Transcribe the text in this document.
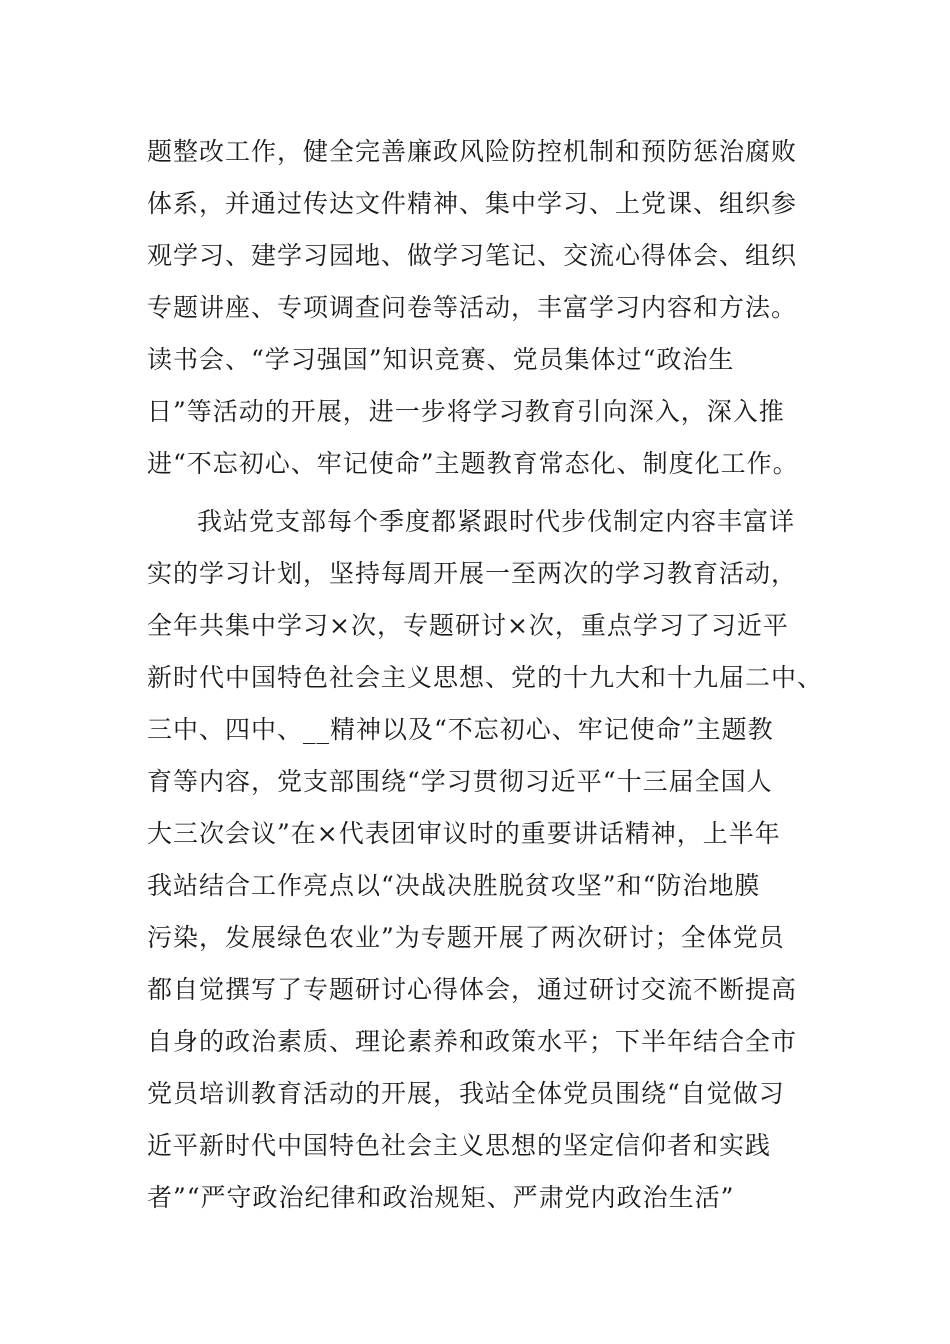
题整改工作，健全完善廉政风险防控机制和预防惩治腐败
体系，并通过传达文件精神、集中学习、上党课、组织参
观学习、建学习园地、做学习笔记、交流心得体会、组织
专题讲座、专项调查问卷等活动，丰富学习内容和方法。
读书会、“学习强国”知识竞赛、党员集体过“政治生
日”等活动的开展，进一步将学习教育引向深入，深入推
进“不忘初心、牢记使命”主题教育常态化、制度化工作。
我站党支部每个季度都紧跟时代步伐制定内容丰富详
实的学习计划，坚持每周开展一至两次的学习教育活动，
全年共集中学习×次，专题研讨×次，重点学习了习近平
新时代中国特色社会主义思想、党的十九大和十九届二中、
三中、四中、__精神以及“不忘初心、牢记使命”主题教
育等内容，党支部围绕“学习贯彻习近平“十三届全国人
大三次会议”在×代表团审议时的重要讲话精神，上半年
我站结合工作亮点以“决战决胜脱贫攻坚”和“防治地膜
污染，发展绿色农业”为专题开展了两次研讨；全体党员
都自觉撰写了专题研讨心得体会，通过研讨交流不断提高
自身的政治素质、理论素养和政策水平；下半年结合全市
党员培训教育活动的开展，我站全体党员围绕“自觉做习
近平新时代中国特色社会主义思想的坚定信仰者和实践
者”“严守政治纪律和政治规矩、严肃党内政治生活”
